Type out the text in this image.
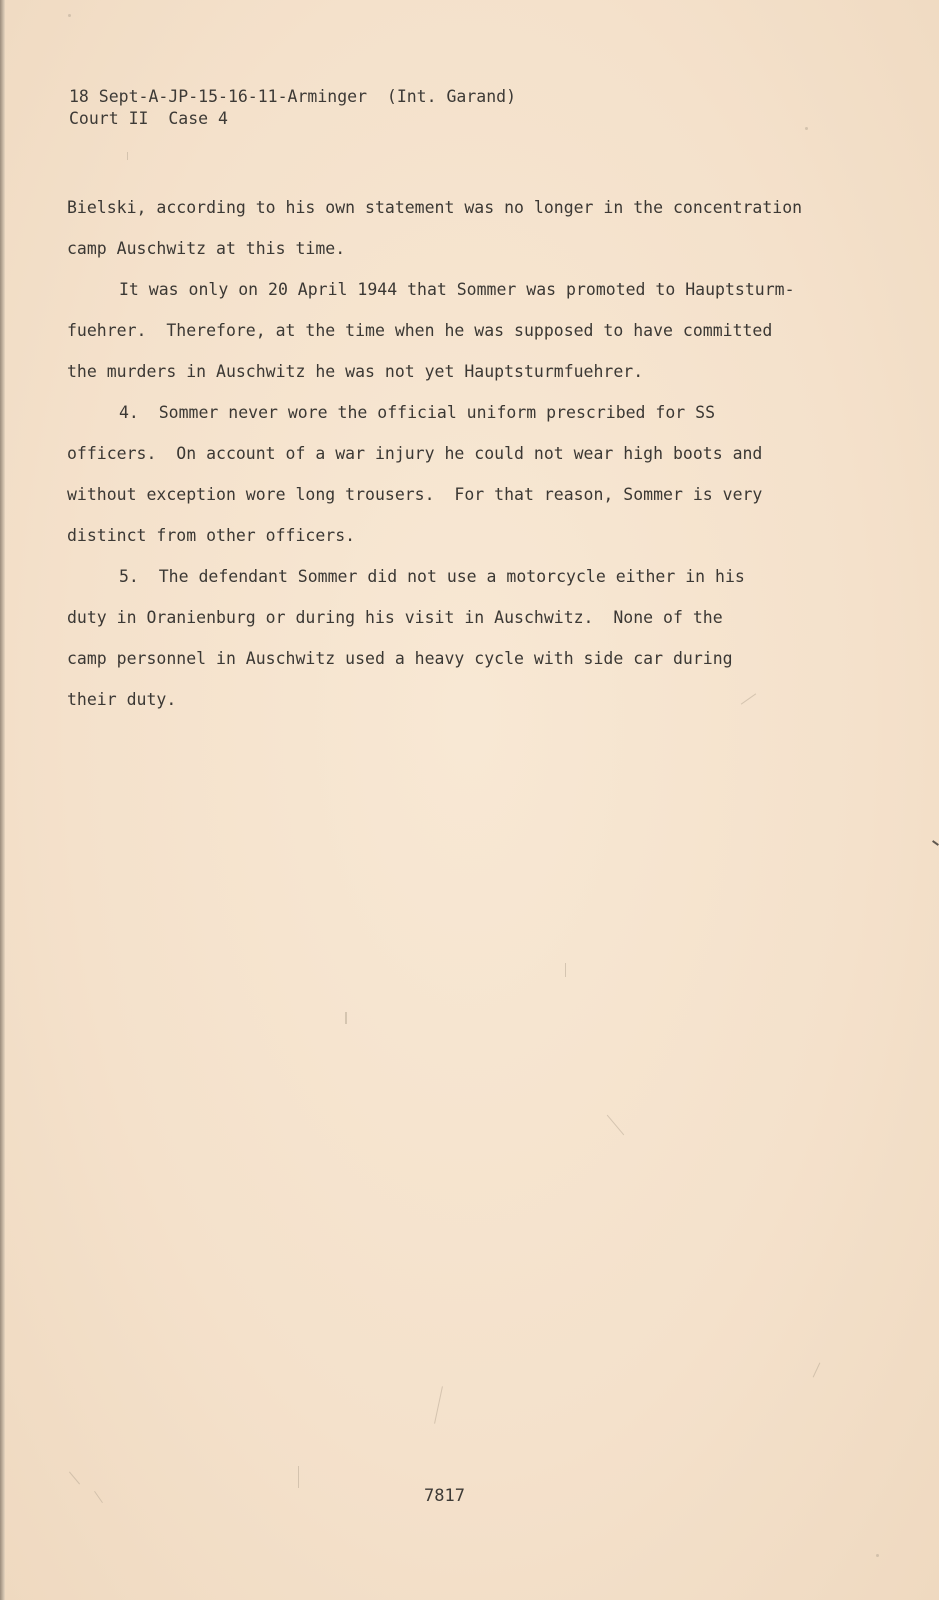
18 Sept-A-JP-15-16-11-Arminger  (Int. Garand)
Court II  Case 4
Bielski, according to his own statement was no longer in the concentration
camp Auschwitz at this time.
It was only on 20 April 1944 that Sommer was promoted to Hauptsturm-
fuehrer.  Therefore, at the time when he was supposed to have committed
the murders in Auschwitz he was not yet Hauptsturmfuehrer.
4.  Sommer never wore the official uniform prescribed for SS
officers.  On account of a war injury he could not wear high boots and
without exception wore long trousers.  For that reason, Sommer is very
distinct from other officers.
5.  The defendant Sommer did not use a motorcycle either in his
duty in Oranienburg or during his visit in Auschwitz.  None of the
camp personnel in Auschwitz used a heavy cycle with side car during
their duty.
7817
